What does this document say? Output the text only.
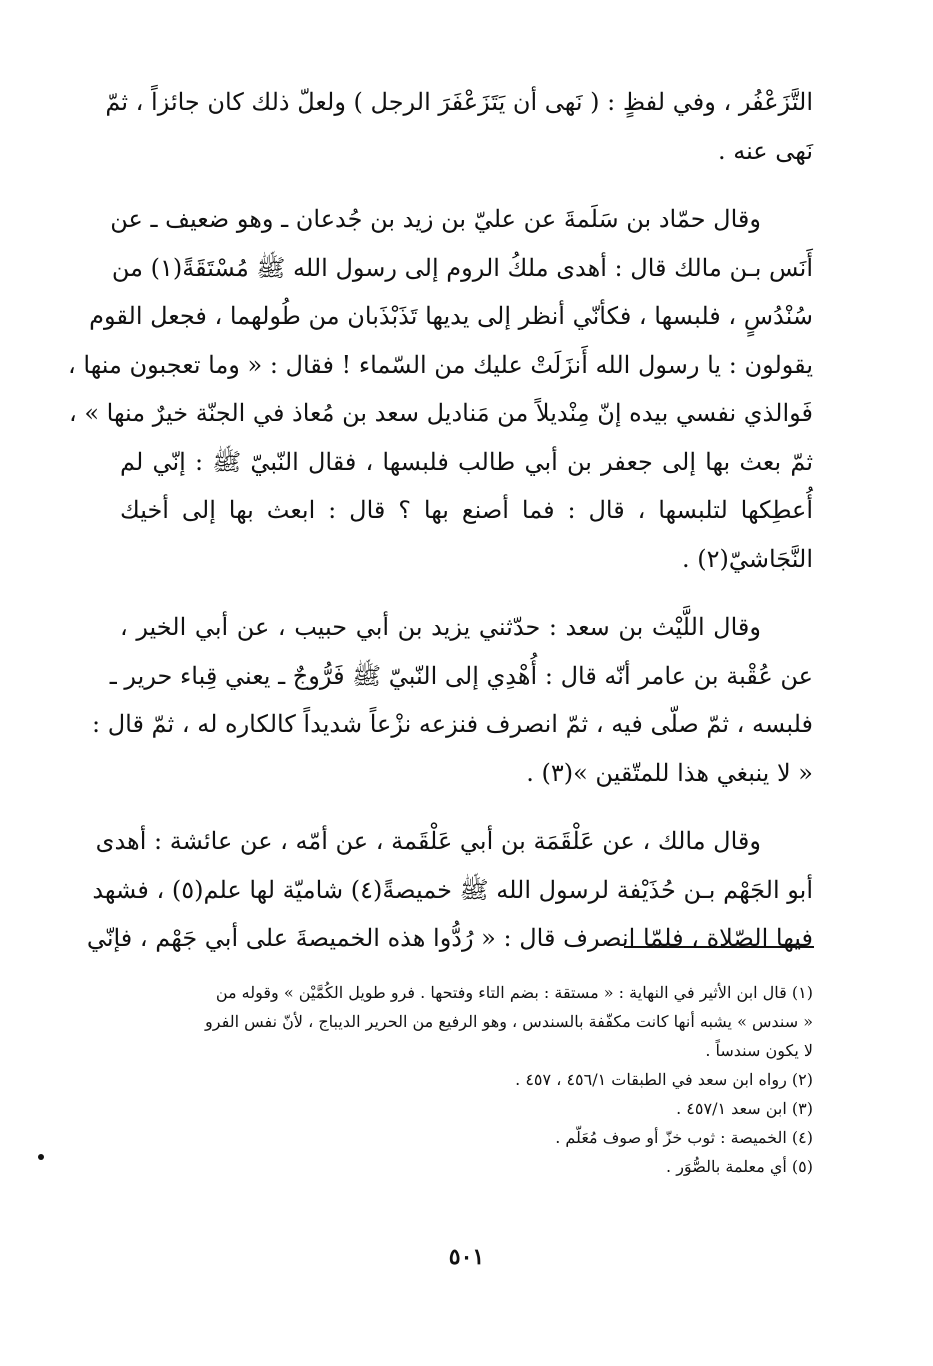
التَّزَعْفُر ، وفي لفظٍ : ( نَهى أن يَتَزَعْفَرَ الرجل ) ولعلّ ذلك كان جائزاً ، ثمّ
نَهى عنه .
وقال حمّاد بن سَلَمةَ عن عليّ بن زيد بن جُدعان ـ وهو ضعيف ـ عن
أَنَس بـن مالك قال : أهدى ملكُ الروم إلى رسول الله ﷺ مُسْتَقَةً(١) من
سُنْدُسٍ ، فلبسها ، فكأنّي أنظر إلى يديها تَذَبْذَبان من طُولهما ، فجعل القوم
يقولون : يا رسول الله أَنزَلَتْ عليك من السّماء ! فقال : « وما تعجبون منها ،
فَوالذي نفسي بيده إنّ مِنْديلاً من مَناديل سعد بن مُعاذ في الجنّة خيرٌ منها » ،
ثمّ بعث بها إلى جعفر بن أبي طالب فلبسها ، فقال النّبيّ ﷺ : إنّي لم
أُعطِكها لتلبسها ، قال : فما أصنع بها ؟ قال : ابعث بها إلى أخيك
النَّجَاشيّ(٢) .
وقال اللَّيْث بن سعد : حدّثني يزيد بن أبي حبيب ، عن أبي الخير ،
عن عُقْبة بن عامر أنّه قال : أُهْدِي إلى النّبيّ ﷺ فَرُّوجٌ ـ يعني قِباء حرير ـ
فلبسه ، ثمّ صلّى فيه ، ثمّ انصرف فنزعه نزْعاً شديداً كالكاره له ، ثمّ قال :
« لا ينبغي هذا للمتّقين »(٣) .
وقال مالك ، عن عَلْقَمَة بن أبي عَلْقَمة ، عن أمّه ، عن عائشة : أهدى
أبو الجَهْم بـن حُذَيْفة لرسول الله ﷺ خميصةً(٤) شاميّة لها علم(٥) ، فشهد
فيها الصّلاة ، فلمّا انصرف قال : « رُدُّوا هذه الخميصةَ على أبي جَهْم ، فإنّي
(١) قال ابن الأثير في النهاية : « مستقة : بضم التاء وفتحها . فرو طويل الكُمَّيْن » وقوله من
« سندس » يشبه أنها كانت مكفّفة بالسندس ، وهو الرفيع من الحرير الديباج ، لأنّ نفس الفرو
لا يكون سندساً .
(٢) رواه ابن سعد في الطبقات ٤٥٦/١ ، ٤٥٧ .
(٣) ابن سعد ٤٥٧/١ .
(٤) الخميصة : ثوب خزّ أو صوف مُعَلّم .
(٥) أي معلمة بالصُّوَر .
٥٠١
